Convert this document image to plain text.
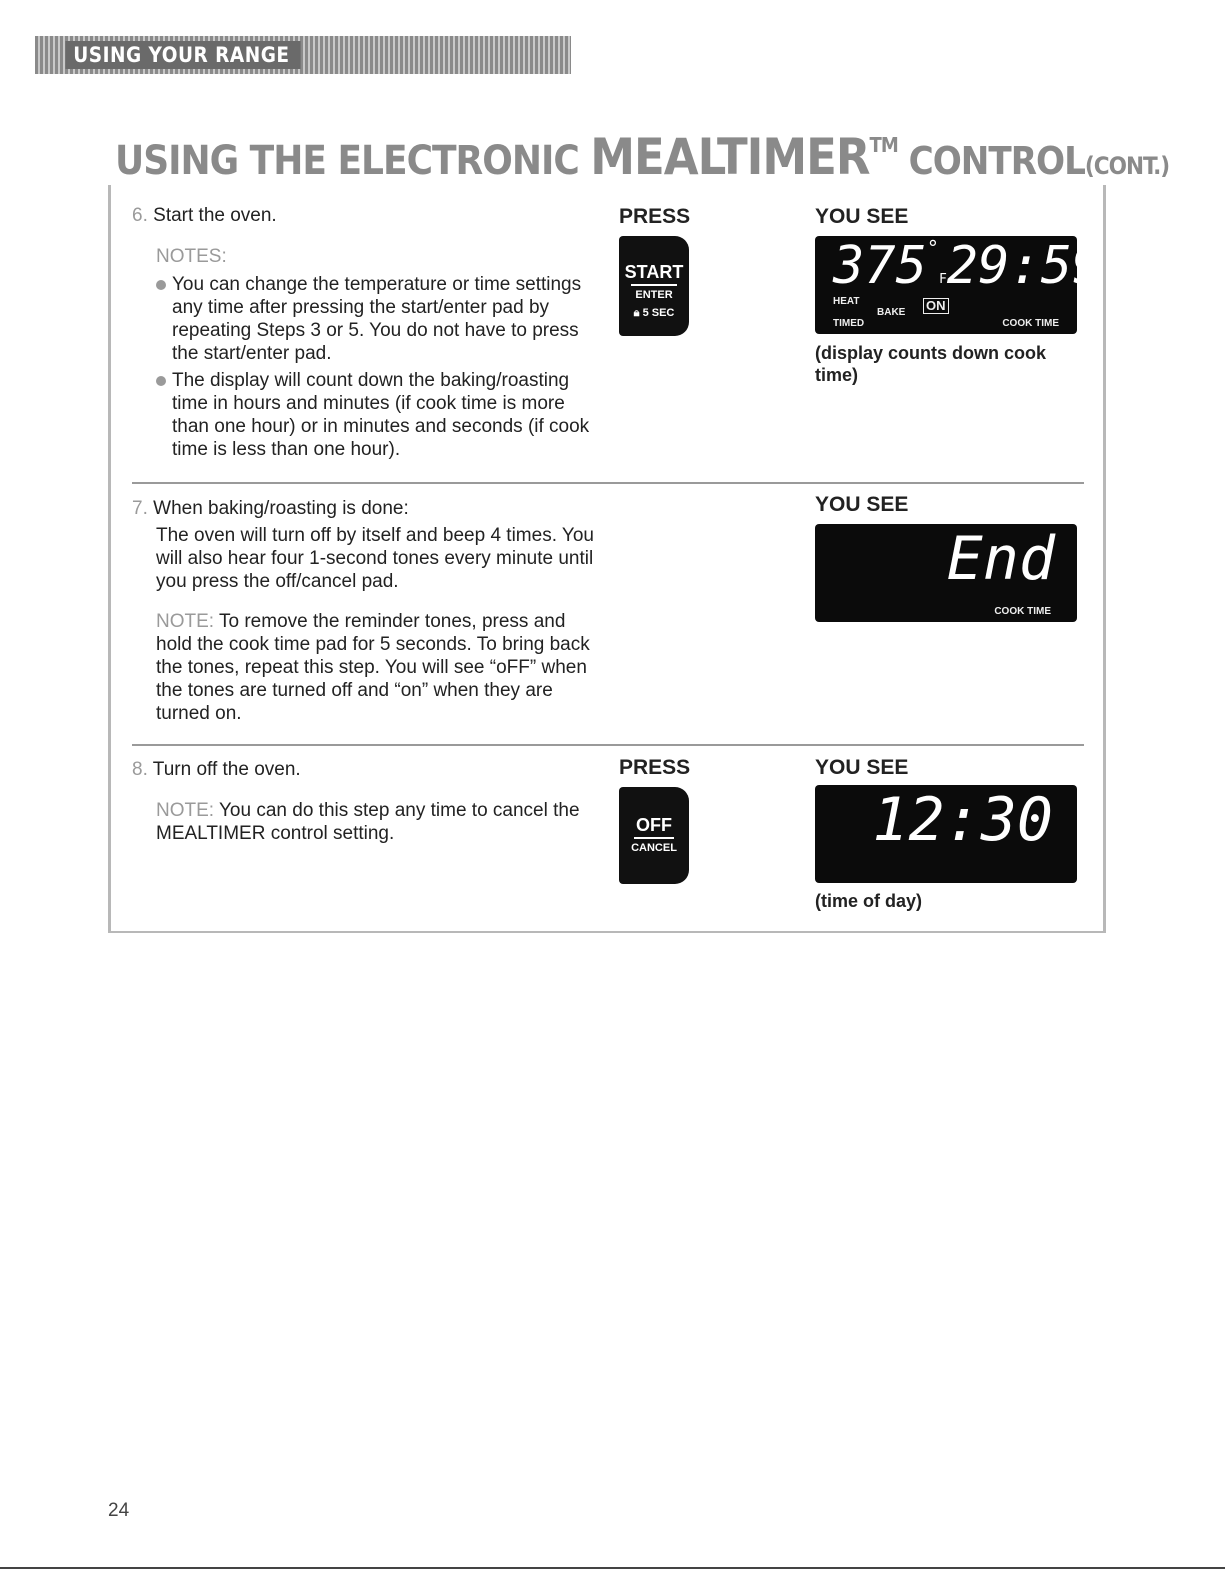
USING YOUR RANGE
USING THE ELECTRONIC MEALTIMERTM CONTROL(CONT.)
6. Start the oven.
NOTES:
You can change the temperature or time settings any time after pressing the start/enter pad by repeating Steps 3 or 5. You do not have to press the start/enter pad.
The display will count down the baking/roasting time in hours and minutes (if cook time is more than one hour) or in minutes and seconds (if cook time is less than one hour).
PRESS	YOU SEE
START
ENTER
🔒︎ 5 SEC
375°F29:59
HEAT
BAKE ON
TIMED	COOK TIME
(display counts down cook time)
7. When baking/roasting is done:
The oven will turn off by itself and beep 4 times. You will also hear four 1-second tones every minute until you press the off/cancel pad.
NOTE: To remove the reminder tones, press and hold the cook time pad for 5 seconds. To bring back the tones, repeat this step. You will see “oFF” when the tones are turned off and “on” when they are turned on.
YOU SEE
End
COOK TIME
8. Turn off the oven.
NOTE: You can do this step any time to cancel the MEALTIMER control setting.
PRESS	YOU SEE
OFF
CANCEL	12:30
(time of day)
24
